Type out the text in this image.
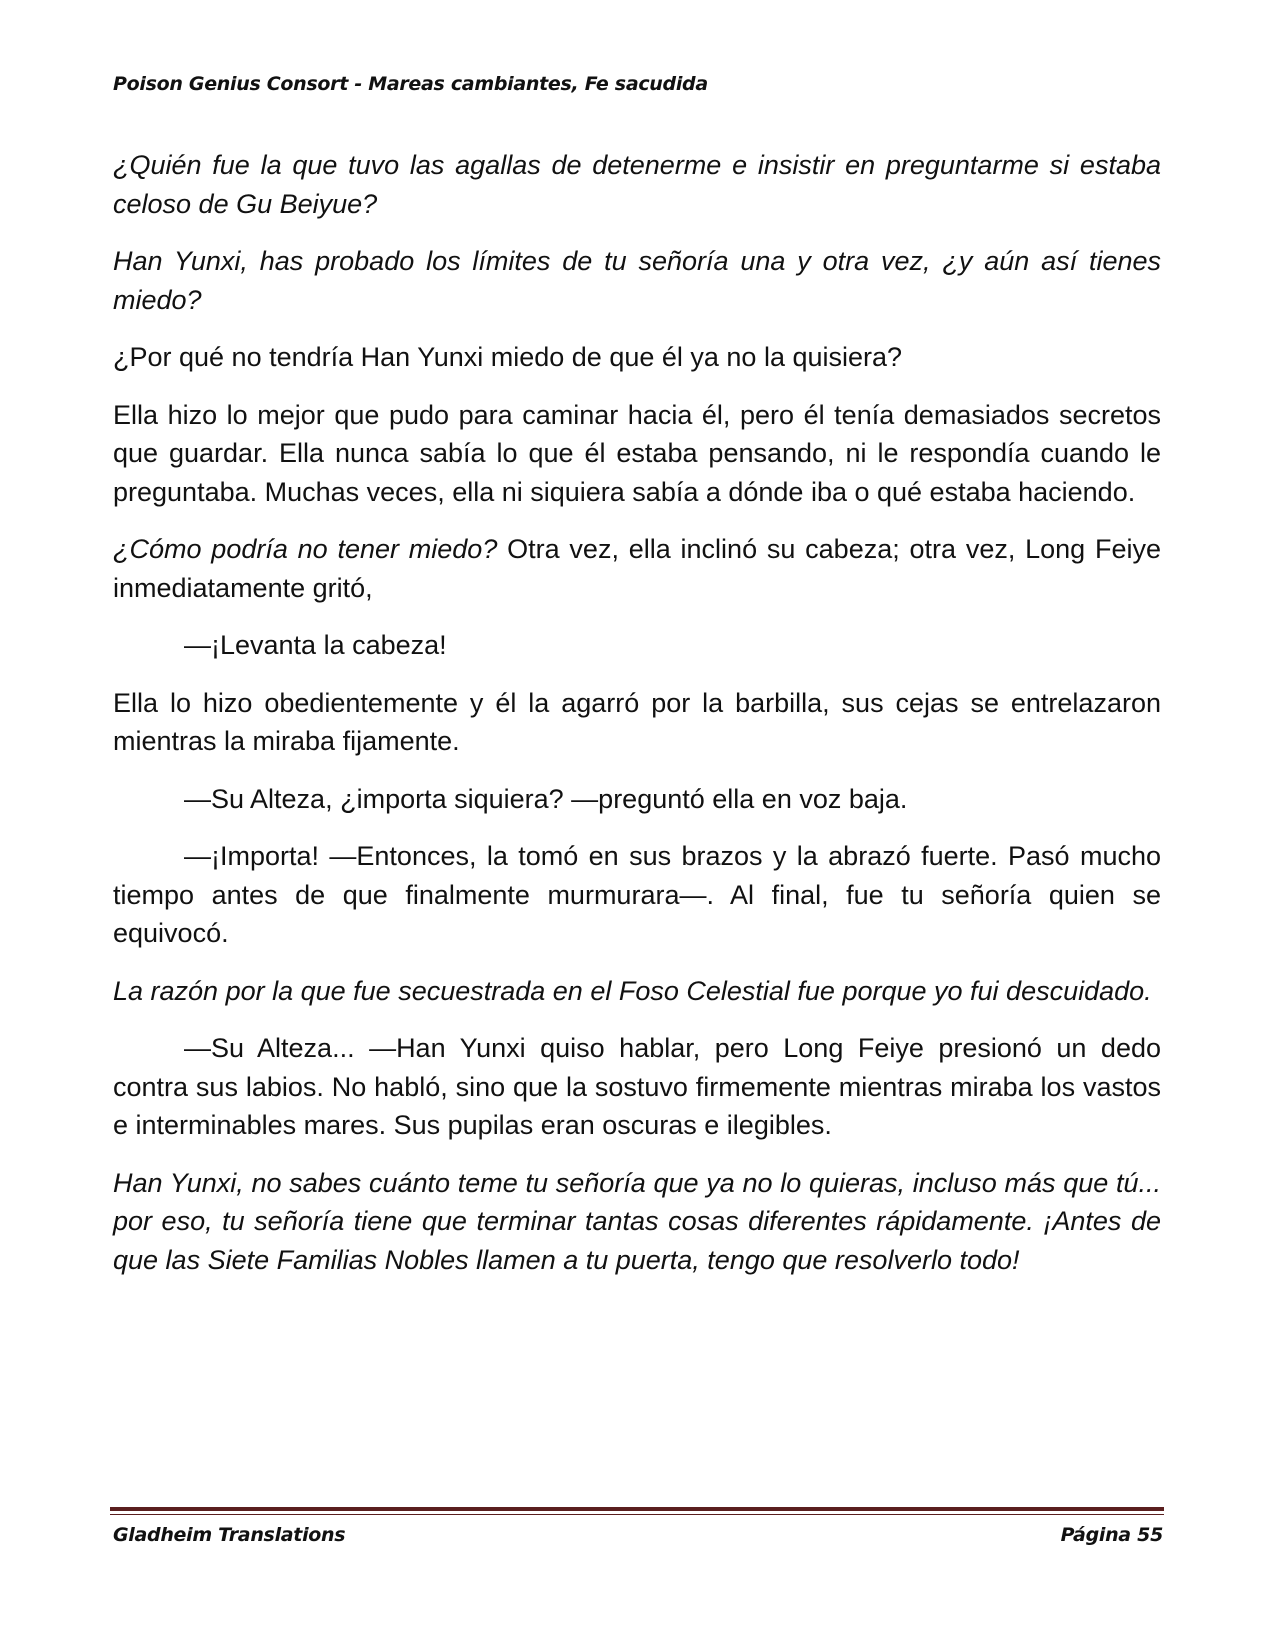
Poison Genius Consort - Mareas cambiantes, Fe sacudida

¿Quién fue la que tuvo las agallas de detenerme e insistir en preguntarme si estaba celoso de Gu Beiyue?

Han Yunxi, has probado los límites de tu señoría una y otra vez, ¿y aún así tienes miedo?

¿Por qué no tendría Han Yunxi miedo de que él ya no la quisiera?

Ella hizo lo mejor que pudo para caminar hacia él, pero él tenía demasiados secretos que guardar. Ella nunca sabía lo que él estaba pensando, ni le respondía cuando le preguntaba. Muchas veces, ella ni siquiera sabía a dónde iba o qué estaba haciendo.

¿Cómo podría no tener miedo? Otra vez, ella inclinó su cabeza; otra vez, Long Feiye inmediatamente gritó,

—¡Levanta la cabeza!

Ella lo hizo obedientemente y él la agarró por la barbilla, sus cejas se entrelazaron mientras la miraba fijamente.

—Su Alteza, ¿importa siquiera? —preguntó ella en voz baja.

—¡Importa! —Entonces, la tomó en sus brazos y la abrazó fuerte. Pasó mucho tiempo antes de que finalmente murmurara—. Al final, fue tu señoría quien se equivocó.

La razón por la que fue secuestrada en el Foso Celestial fue porque yo fui descuidado.

—Su Alteza... —Han Yunxi quiso hablar, pero Long Feiye presionó un dedo contra sus labios. No habló, sino que la sostuvo firmemente mientras miraba los vastos e interminables mares. Sus pupilas eran oscuras e ilegibles.

Han Yunxi, no sabes cuánto teme tu señoría que ya no lo quieras, incluso más que tú... por eso, tu señoría tiene que terminar tantas cosas diferentes rápidamente. ¡Antes de que las Siete Familias Nobles llamen a tu puerta, tengo que resolverlo todo!

Gladheim Translations	Página 55
